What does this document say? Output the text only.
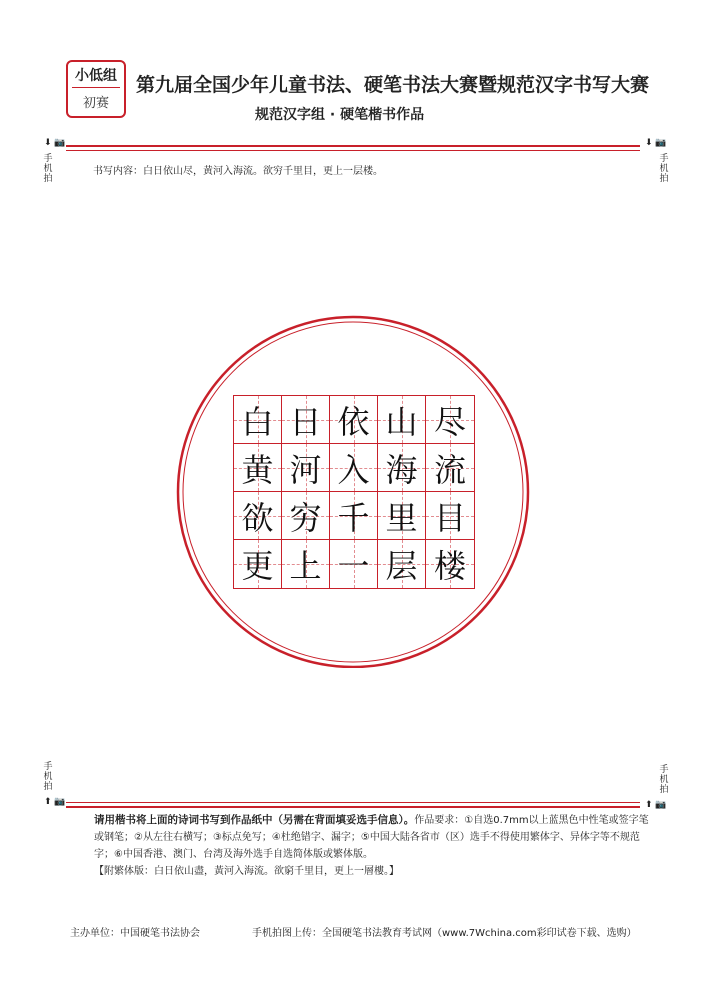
小低组
初赛
第九届全国少年儿童书法、硬笔书法大赛暨规范汉字书写大赛
规范汉字组 · 硬笔楷书作品
⬇ 📷	⬇ 📷
手
机
拍
手
机
拍
书写内容：白日依山尽，黄河入海流。欲穷千里目，更上一层楼。
白 日 依 山 尽
黄 河 入 海 流
欲 穷 千 里 目
更 上 一 层 楼
手
机
拍
手
机
拍
⬆ 📷	⬆ 📷
请用楷书将上面的诗词书写到作品纸中（另需在背面填妥选手信息）。作品要求：①自选0.7mm以上蓝黑色中性笔或签字笔或钢笔；②从左往右横写；③标点免写；④杜绝错字、漏字；⑤中国大陆各省市（区）选手不得使用繁体字、异体字等不规范字；⑥中国香港、澳门、台湾及海外选手自选简体版或繁体版。
【附繁体版：白日依山盡，黃河入海流。欲窮千里目，更上一層樓。】
主办单位：中国硬笔书法协会	手机拍图上传：全国硬笔书法教育考试网（www.7Wchina.com彩印试卷下载、选购）
